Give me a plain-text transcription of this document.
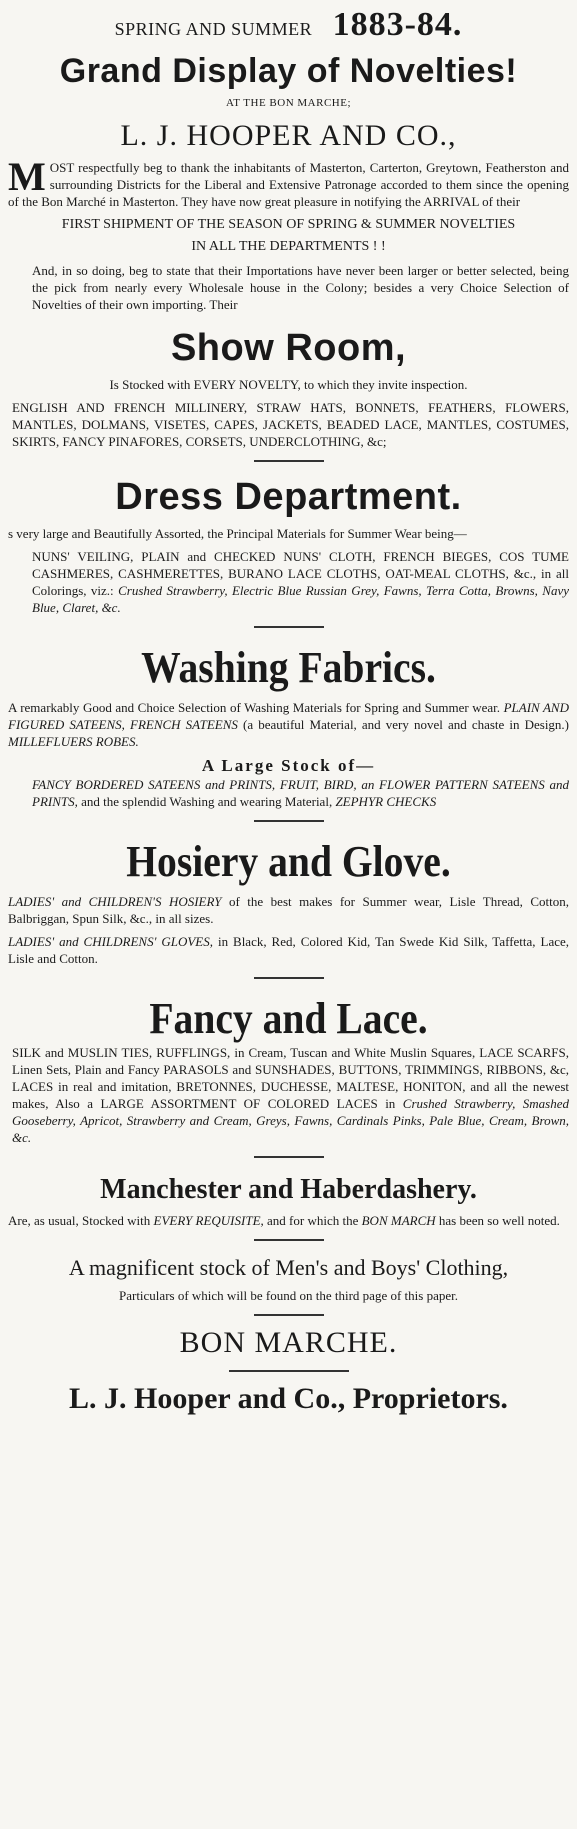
SPRING AND SUMMER 1883-84.
Grand Display of Novelties!
AT THE BON MARCHE;
L. J. HOOPER AND CO.,
MOST respectfully beg to thank the inhabitants of Masterton, Carterton, Greytown, Featherston and surrounding Districts for the Liberal and Extensive Patronage accorded to them since the opening of the Bon Marché in Masterton. They have now great pleasure in notifying the ARRIVAL of their
FIRST SHIPMENT OF THE SEASON OF SPRING & SUMMER NOVELTIES
IN ALL THE DEPARTMENTS ! !
And, in so doing, beg to state that their Importations have never been larger or better selected, being the pick from nearly every Wholesale house in the Colony; besides a very Choice Selection of Novelties of their own importing. Their
Show Room,
Is Stocked with EVERY NOVELTY, to which they invite inspection.
ENGLISH AND FRENCH MILLINERY, STRAW HATS, BONNETS, FEATHERS, FLOWERS, MANTLES, DOLMANS, VISETES, CAPES, JACKETS, BEADED LACE, MANTLES, COSTUMES, SKIRTS, FANCY PINAFORES, CORSETS, UNDERCLOTHING, &c;
Dress Department.
s very large and Beautifully Assorted, the Principal Materials for Summer Wear being—
NUNS' VEILING, PLAIN and CHECKED NUNS' CLOTH, FRENCH BIEGES, COS TUME CASHMERES, CASHMERETTES, BURANO LACE CLOTHS, OAT-MEAL CLOTHS, &c., in all Colorings, viz.: Crushed Strawberry, Electric Blue Russian Grey, Fawns, Terra Cotta, Browns, Navy Blue, Claret, &c.
Washing Fabrics.
A remarkably Good and Choice Selection of Washing Materials for Spring and Summer wear. PLAIN AND FIGURED SATEENS, FRENCH SATEENS (a beautiful Material, and very novel and chaste in Design.) MILLEFLUERS ROBES.
A Large Stock of—
FANCY BORDERED SATEENS and PRINTS, FRUIT, BIRD, an FLOWER PATTERN SATEENS and PRINTS, and the splendid Washing and wearing Material, ZEPHYR CHECKS
Hosiery and Glove.
LADIES' and CHILDREN'S HOSIERY of the best makes for Summer wear, Lisle Thread, Cotton, Balbriggan, Spun Silk, &c., in all sizes.
LADIES' and CHILDRENS' GLOVES, in Black, Red, Colored Kid, Tan Swede Kid Silk, Taffetta, Lace, Lisle and Cotton.
Fancy and Lace.
SILK and MUSLIN TIES, RUFFLINGS, in Cream, Tuscan and White Muslin Squares, LACE SCARFS, Linen Sets, Plain and Fancy PARASOLS and SUNSHADES, BUTTONS, TRIMMINGS, RIBBONS, &c, LACES in real and imitation, BRETONNES, DUCHESSE, MALTESE, HONITON, and all the newest makes, Also a LARGE ASSORTMENT OF COLORED LACES in Crushed Strawberry, Smashed Gooseberry, Apricot, Strawberry and Cream, Greys, Fawns, Cardinals Pinks, Pale Blue, Cream, Brown, &c.
Manchester and Haberdashery.
Are, as usual, Stocked with EVERY REQUISITE, and for which the BON MARCH has been so well noted.
A magnificent stock of Men's and Boys' Clothing,
Particulars of which will be found on the third page of this paper.
BON MARCHE.
L. J. Hooper and Co., Proprietors.
